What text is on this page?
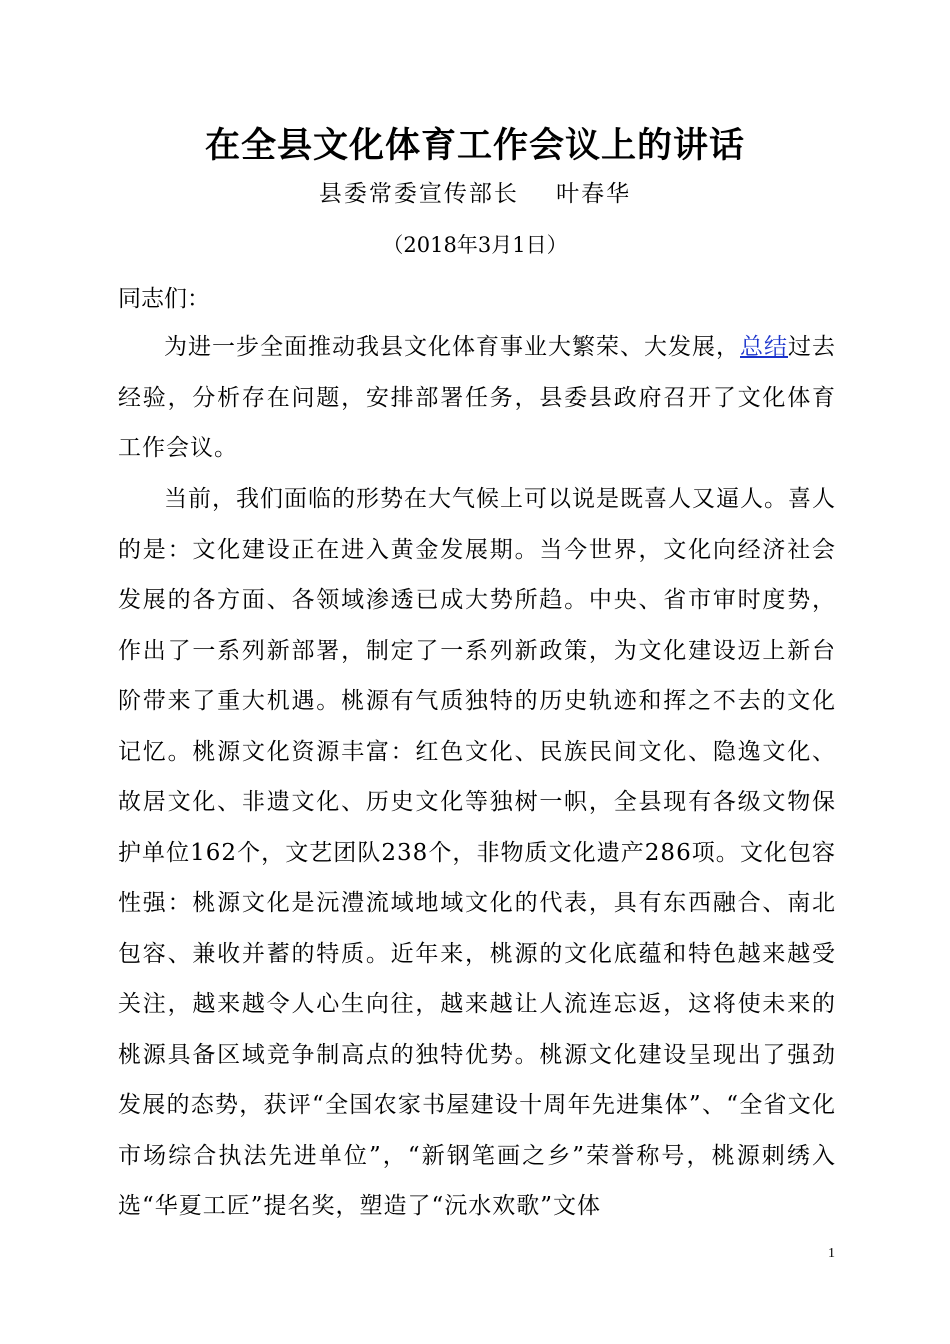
在全县文化体育工作会议上的讲话
县委常委宣传部长    叶春华
（2018年3月1日）
同志们：

为进一步全面推动我县文化体育事业大繁荣、大发展，总结过去经验，分析存在问题，安排部署任务，县委县政府召开了文化体育工作会议。

当前，我们面临的形势在大气候上可以说是既喜人又逼人。喜人的是：文化建设正在进入黄金发展期。当今世界，文化向经济社会发展的各方面、各领域渗透已成大势所趋。中央、省市审时度势，作出了一系列新部署，制定了一系列新政策，为文化建设迈上新台阶带来了重大机遇。桃源有气质独特的历史轨迹和挥之不去的文化记忆。桃源文化资源丰富：红色文化、民族民间文化、隐逸文化、故居文化、非遗文化、历史文化等独树一帜，全县现有各级文物保护单位162个，文艺团队238个，非物质文化遗产286项。文化包容性强：桃源文化是沅澧流域地域文化的代表，具有东西融合、南北包容、兼收并蓄的特质。近年来，桃源的文化底蕴和特色越来越受关注，越来越令人心生向往，越来越让人流连忘返，这将使未来的桃源具备区域竞争制高点的独特优势。桃源文化建设呈现出了强劲发展的态势，获评“全国农家书屋建设十周年先进集体”、“全省文化市场综合执法先进单位”，“新钢笔画之乡”荣誉称号，桃源刺绣入选“华夏工匠”提名奖，塑造了“沅水欢歌”文体

1
